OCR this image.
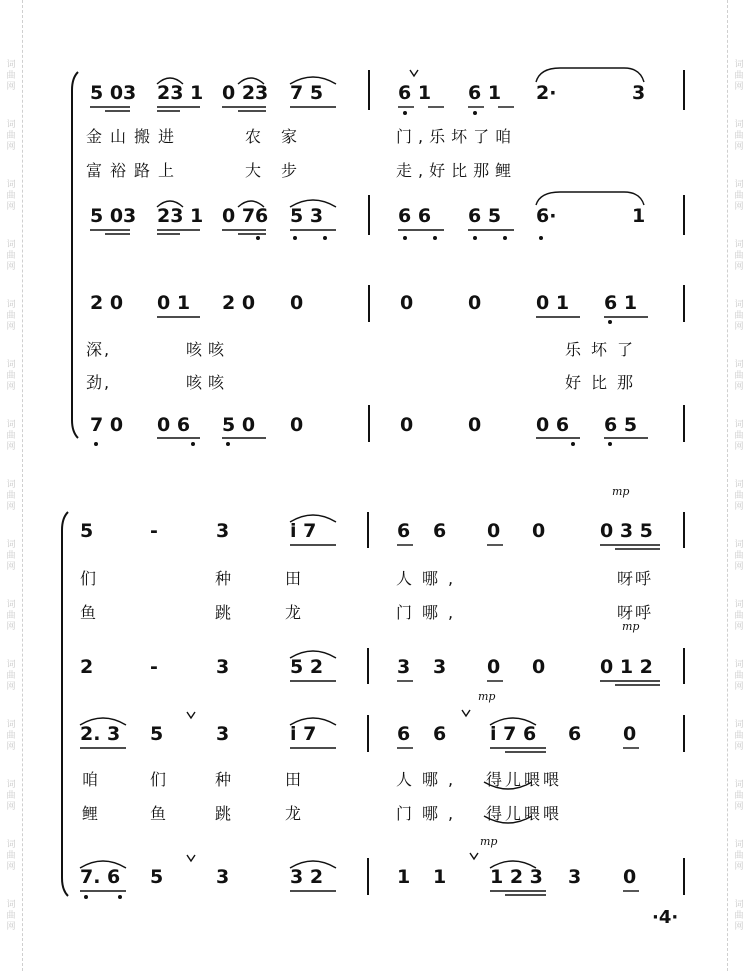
词
曲
网
词
曲
网
词
曲
网
词
曲
网
词
曲
网
词
曲
网
词
曲
网
词
曲
网
词
曲
网
词
曲
网
词
曲
网
词
曲
网
词
曲
网
词
曲
网
词
曲
网
词
曲
网
词
曲
网
词
曲
网
词
曲
网
词
曲
网
词
曲
网
词
曲
网
词
曲
网
词
曲
网
词
曲
网
词
曲
网
词
曲
网
词
曲
网
词
曲
网
词
曲
网
5 03 23 1 0 23 7 5	6 1 6 1 2·	3
金山搬进	农家	门,乐坏了咱
富裕路上	大步	走,好比那鲤
5 03 23 1 0 76 5 3	6 6 6 5 6·	1
2 0 0 1 2 0 0	0	0	0 1 6 1
深,	咳咳	乐坏了
劲,	咳咳	好比那
7 0 0 6 5 0 0	0	0	0 6 6 5
mp
5	-	3	i 7	6 6 0 0	0 3 5
们	种	田	人哪,	呀呼
鱼	跳	龙	门哪,	呀呼
mp
2	-	3	5 2	3 3 0 0	0 1 2
mp
2. 3 5	3	i 7	6 6 i 7 6 6 0
咱	们	种	田	人哪, 得儿喂喂
鲤	鱼	跳	龙	门哪, 得儿喂喂
mp
7. 6 5	3	3 2	1 1 1 2 3 3 0
·4·
